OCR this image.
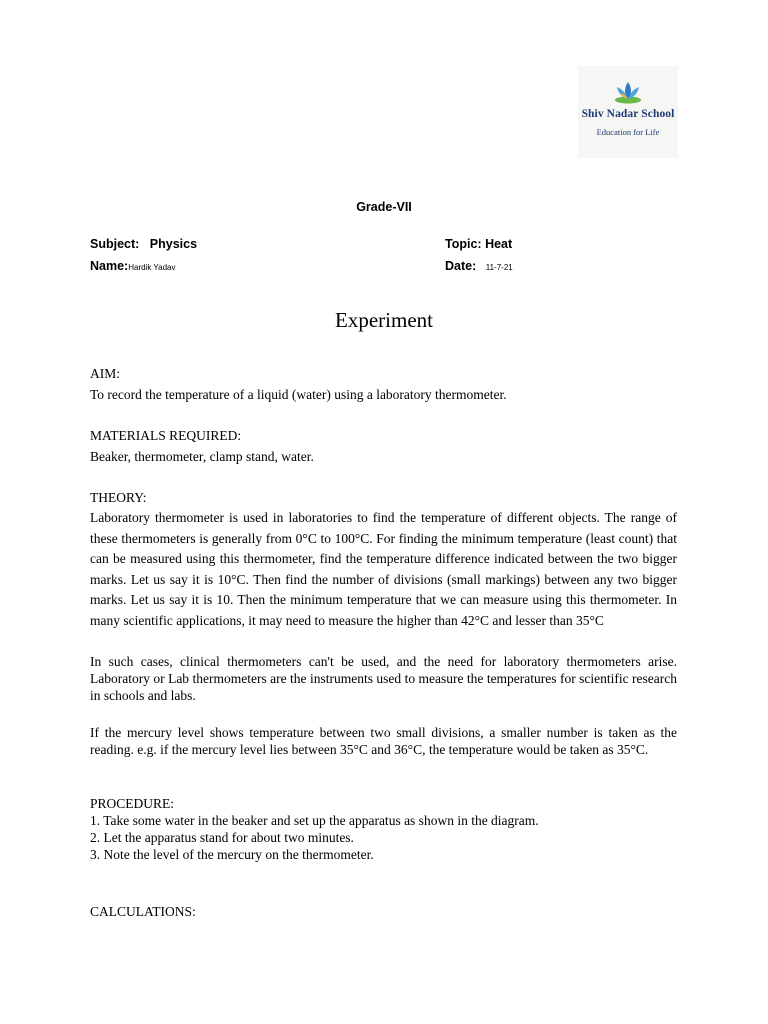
Shiv Nadar School
Education for Life
Grade-VII
Subject: Physics	Topic: Heat
Name:Hardik Yadav	Date: 11-7-21
Experiment
AIM:
To record the temperature of a liquid (water) using a laboratory thermometer.
MATERIALS REQUIRED:
Beaker, thermometer, clamp stand, water.
THEORY:
Laboratory thermometer is used in laboratories to find the temperature of different objects. The range of these thermometers is generally from 0°C to 100°C. For finding the minimum temperature (least count) that can be measured using this thermometer, find the temperature difference indicated between the two bigger marks. Let us say it is 10°C. Then find the number of divisions (small markings) between any two bigger marks. Let us say it is 10. Then the minimum temperature that we can measure using this thermometer. In many scientific applications, it may need to measure the higher than 42°C and lesser than 35°C
In such cases, clinical thermometers can't be used, and the need for laboratory thermometers arise. Laboratory or Lab thermometers are the instruments used to measure the temperatures for scientific research in schools and labs.
If the mercury level shows temperature between two small divisions, a smaller number is taken as the reading. e.g. if the mercury level lies between 35°C and 36°C, the temperature would be taken as 35°C.
PROCEDURE:
1. Take some water in the beaker and set up the apparatus as shown in the diagram.
2. Let the apparatus stand for about two minutes.
3. Note the level of the mercury on the thermometer.
CALCULATIONS:
